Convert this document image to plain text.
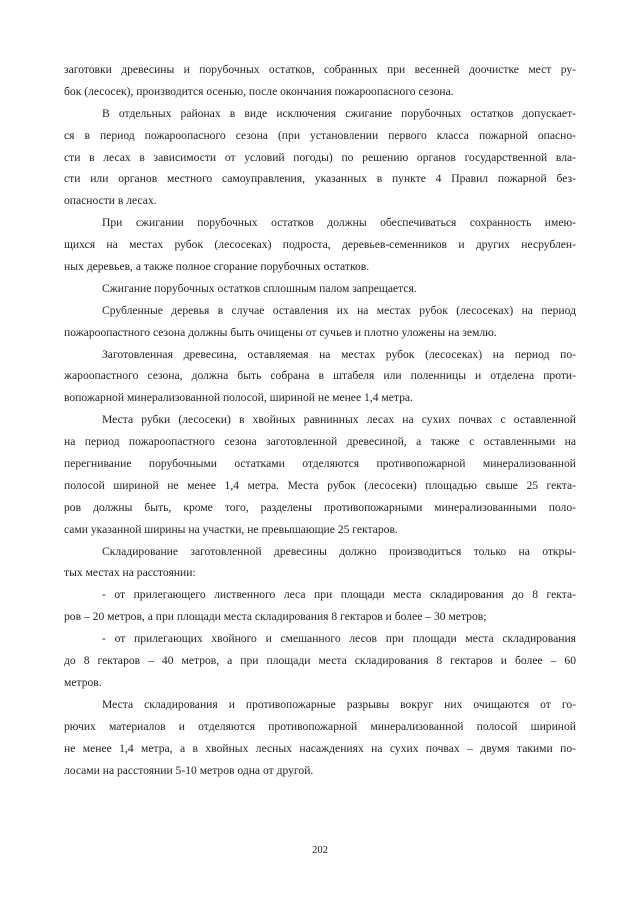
заготовки древесины и порубочных остатков, собранных при весенней доочистке мест ру-
бок (лесосек), производится осенью, после окончания пожароопасного сезона.
В отдельных районах в виде исключения сжигание порубочных остатков допускает-
ся в период пожароопасного сезона (при установлении первого класса пожарной опасно-
сти в лесах в зависимости от условий погоды) по решению органов государственной вла-
сти или органов местного самоуправления, указанных в пункте 4 Правил пожарной без-
опасности в лесах.
При сжигании порубочных остатков должны обеспечиваться сохранность имею-
щихся на местах рубок (лесосеках) подроста, деревьев-семенников и других несрублен-
ных деревьев, а также полное сгорание порубочных остатков.
Сжигание порубочных остатков сплошным палом запрещается.
Срубленные деревья в случае оставления их на местах рубок (лесосеках) на период
пожароопастного сезона должны быть очищены от сучьев и плотно уложены на землю.
Заготовленная древесина, оставляемая на местах рубок (лесосеках) на период по-
жароопастного сезона, должна быть собрана в штабеля или поленницы и отделена проти-
вопожарной минерализованной полосой, шириной не менее 1,4 метра.
Места рубки (лесосеки) в хвойных равнинных лесах на сухих почвах с оставленной
на период пожароопастного сезона заготовленной древесиной, а также с оставленными на
перегнивание порубочными остатками отделяются противопожарной минерализованной
полосой шириной не менее 1,4 метра. Места рубок (лесосеки) площадью свыше 25 гекта-
ров должны быть, кроме того, разделены противопожарными минерализованными поло-
сами указанной ширины на участки, не превышающие 25 гектаров.
Складирование заготовленной древесины должно производиться только на откры-
тых местах на расстоянии:
- от прилегающего лиственного леса при площади места складирования до 8 гекта-
ров – 20 метров, а при площади места складирования 8 гектаров и более – 30 метров;
- от прилегающих хвойного и смешанного лесов при площади места складирования
до 8 гектаров – 40 метров, а при площади места складирования 8 гектаров и более – 60
метров.
Места складирования и противопожарные разрывы вокруг них очищаются от го-
рючих материалов и отделяются противопожарной минерализованной полосой шириной
не менее 1,4 метра, а в хвойных лесных насаждениях на сухих почвах – двумя такими по-
лосами на расстоянии 5-10 метров одна от другой.
202
